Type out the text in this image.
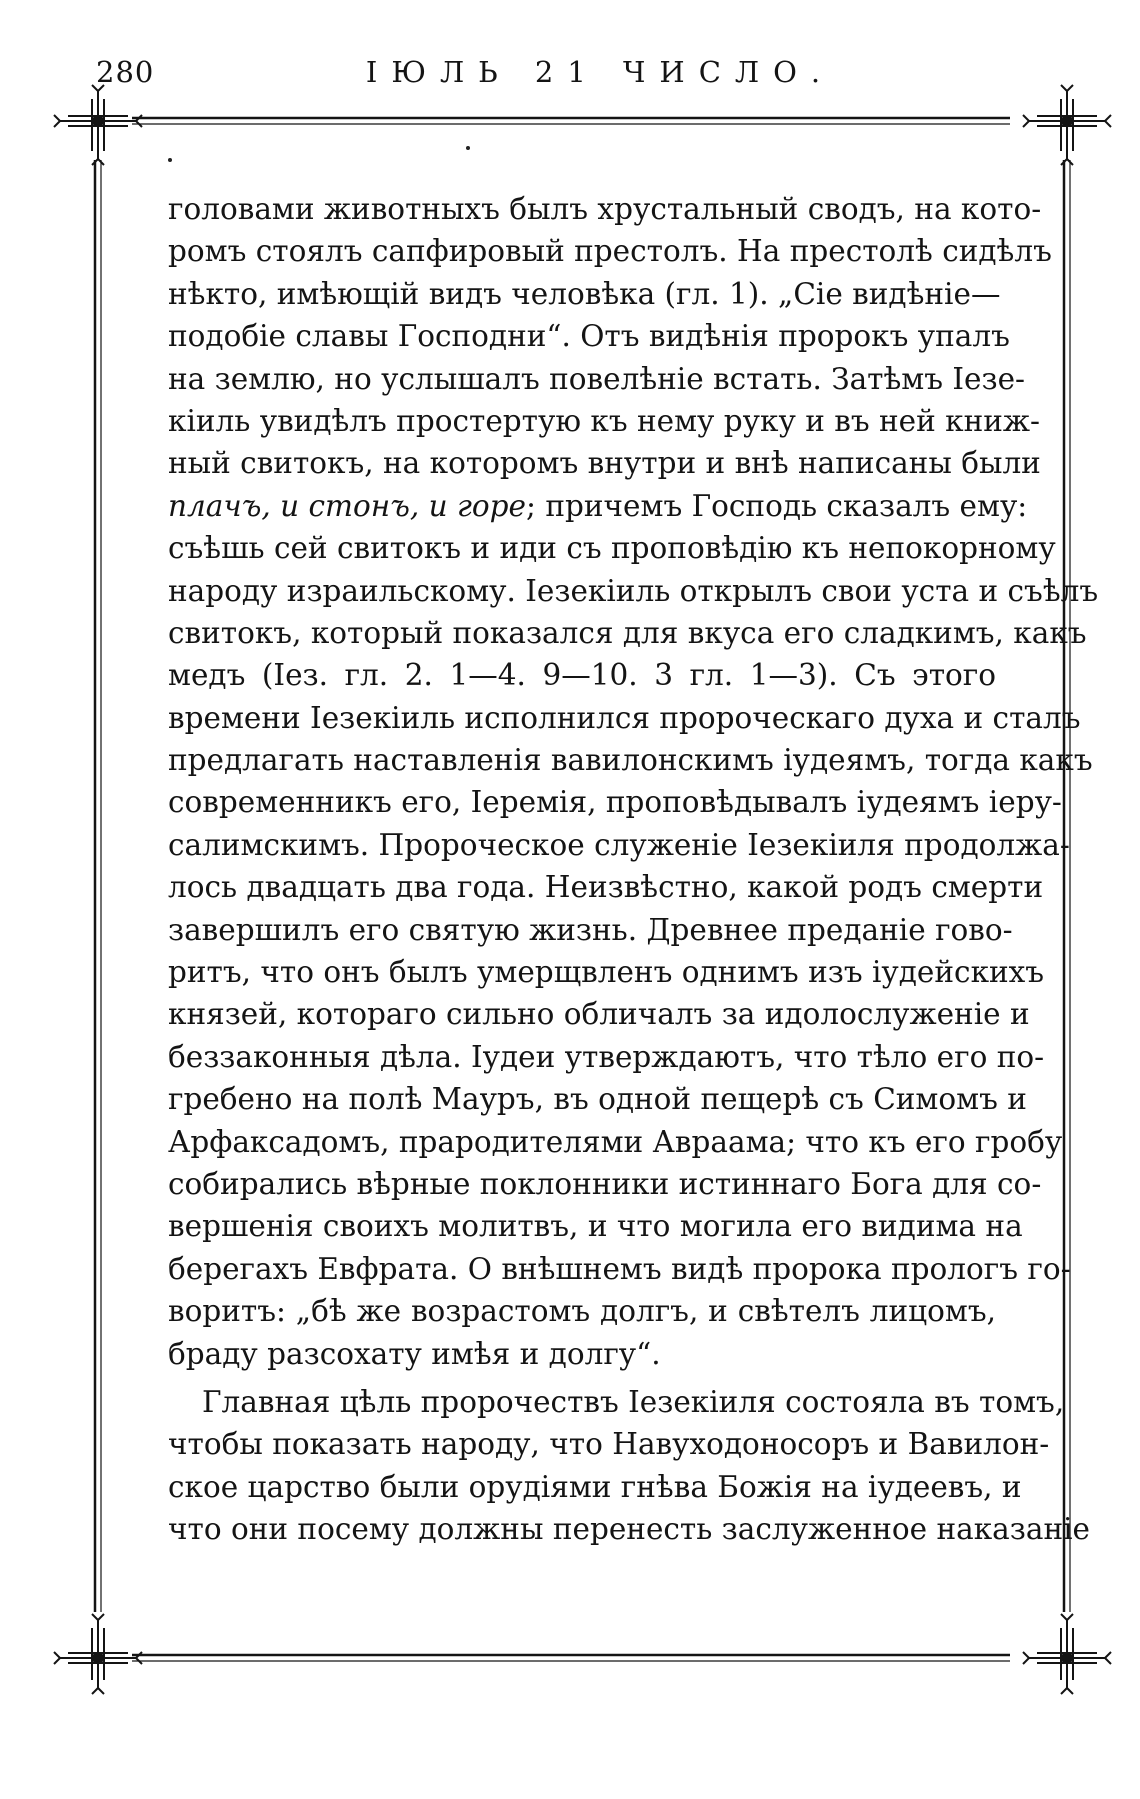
280	ІЮЛЬ 21 ЧИСЛО.

головами животныхъ былъ хрустальный сводъ, на кото-
ромъ стоялъ сапфировый престолъ. На престолѣ сидѣлъ
нѣкто, имѣющій видъ человѣка (гл. 1). „Сіе видѣніе—
подобіе славы Господни“. Отъ видѣнія пророкъ упалъ
на землю, но услышалъ повелѣніе встать. Затѣмъ Іезе-
кіиль увидѣлъ простертую къ нему руку и въ ней книж-
ный свитокъ, на которомъ внутри и внѣ написаны были
плачъ, и стонъ, и горе; причемъ Господь сказалъ ему:
съѣшь сей свитокъ и иди съ проповѣдію къ непокорному
народу израильскому. Іезекіиль открылъ свои уста и съѣлъ
свитокъ, который показался для вкуса его сладкимъ, какъ
медъ (Іез. гл. 2. 1—4. 9—10. 3 гл. 1—3). Съ этого
времени Іезекіиль исполнился пророческаго духа и сталъ
предлагать наставленія вавилонскимъ іудеямъ, тогда какъ
современникъ его, Іеремія, проповѣдывалъ іудеямъ іеру-
салимскимъ. Пророческое служеніе Іезекіиля продолжа-
лось двадцать два года. Неизвѣстно, какой родъ смерти
завершилъ его святую жизнь. Древнее преданіе гово-
ритъ, что онъ былъ умерщвленъ однимъ изъ іудейскихъ
князей, котораго сильно обличалъ за идолослуженіе и
беззаконныя дѣла. Іудеи утверждаютъ, что тѣло его по-
гребено на полѣ Мауръ, въ одной пещерѣ съ Симомъ и
Арфаксадомъ, прародителями Авраама; что къ его гробу
собирались вѣрные поклонники истиннаго Бога для со-
вершенія своихъ молитвъ, и что могила его видима на
берегахъ Евфрата. О внѣшнемъ видѣ пророка прологъ го-
воритъ: „бѣ же возрастомъ долгъ, и свѣтелъ лицомъ,
браду разсохату имѣя и долгу“.

Главная цѣль пророчествъ Іезекіиля состояла въ томъ,
чтобы показать народу, что Навуходоносоръ и Вавилон-
ское царство были орудіями гнѣва Божія на іудеевъ, и
что они посему должны перенесть заслуженное наказаніе
